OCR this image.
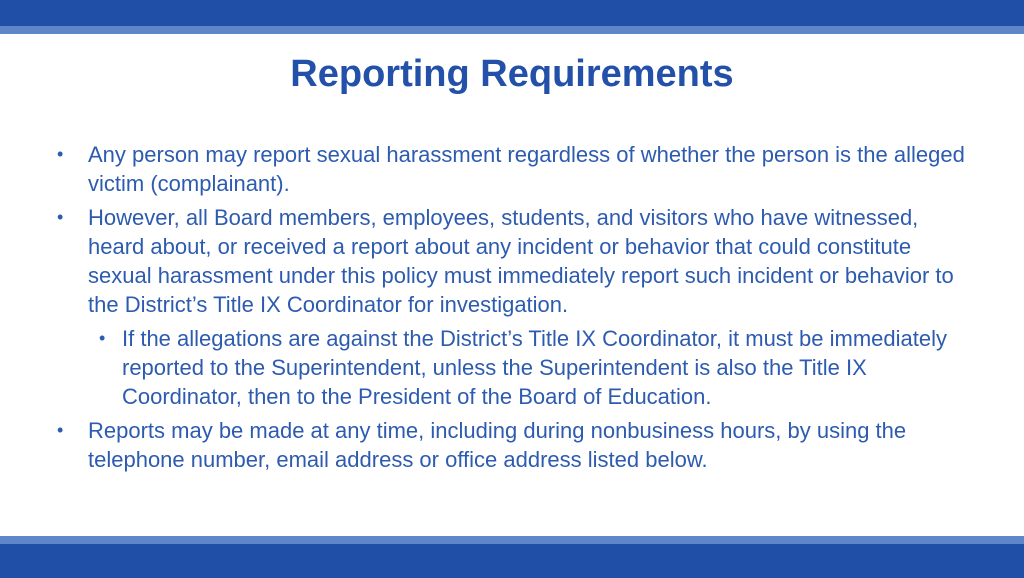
Reporting Requirements
• Any person may report sexual harassment regardless of whether the person is the alleged victim (complainant).
• However, all Board members, employees, students, and visitors who have witnessed, heard about, or received a report about any incident or behavior that could constitute sexual harassment under this policy must immediately report such incident or behavior to the District’s Title IX Coordinator for investigation.
• If the allegations are against the District’s Title IX Coordinator, it must be immediately reported to the Superintendent, unless the Superintendent is also the Title IX Coordinator, then to the President of the Board of Education.
• Reports may be made at any time, including during nonbusiness hours, by using the telephone number, email address or office address listed below.
